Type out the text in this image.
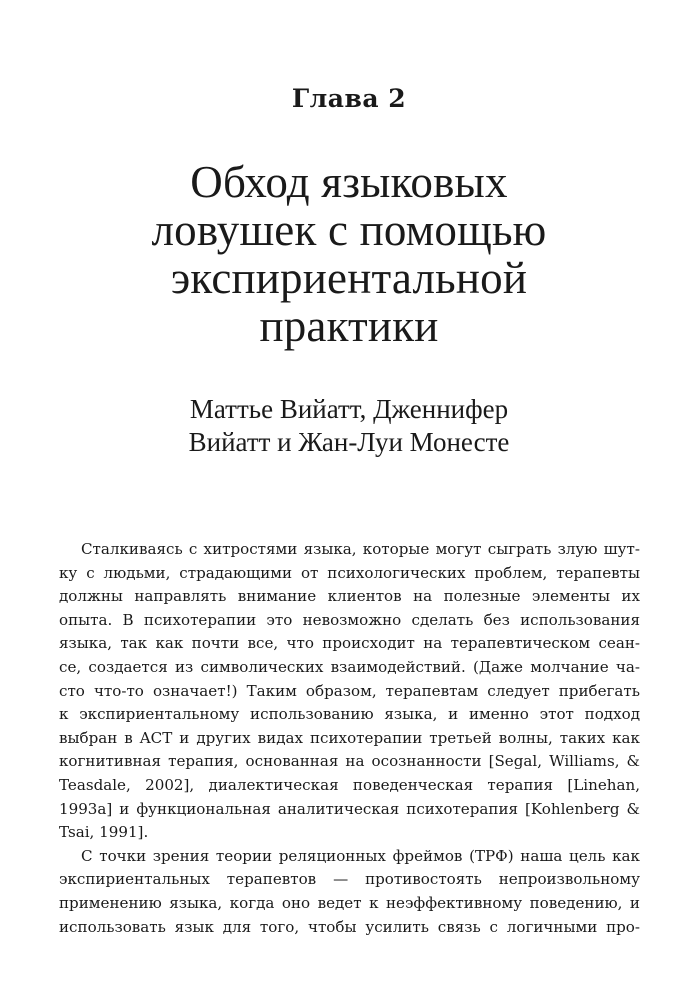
Глава 2
Обход языковых
ловушек с помощью
экспириентальной
практики
Маттье Вийатт, Дженнифер
Вийатт и Жан-Луи Монесте

Сталкиваясь с хитростями языка, которые могут сыграть злую шут-
ку с людьми, страдающими от психологических проблем, терапевты
должны направлять внимание клиентов на полезные элементы их
опыта. В психотерапии это невозможно сделать без использования
языка, так как почти все, что происходит на терапевтическом сеан-
се, создается из символических взаимодействий. (Даже молчание ча-
сто что-то означает!) Таким образом, терапевтам следует прибегать
к экспириентальному использованию языка, и именно этот подход
выбран в ACT и других видах психотерапии третьей волны, таких как
когнитивная терапия, основанная на осознанности [Segal, Williams, &
Teasdale, 2002], диалектическая поведенческая терапия [Linehan,
1993a] и функциональная аналитическая психотерапия [Kohlenberg &
Tsai, 1991].

С точки зрения теории реляционных фреймов (ТРФ) наша цель как
экспириентальных терапевтов — противостоять непроизвольному
применению языка, когда оно ведет к неэффективному поведению, и
использовать язык для того, чтобы усилить связь с логичными про-
